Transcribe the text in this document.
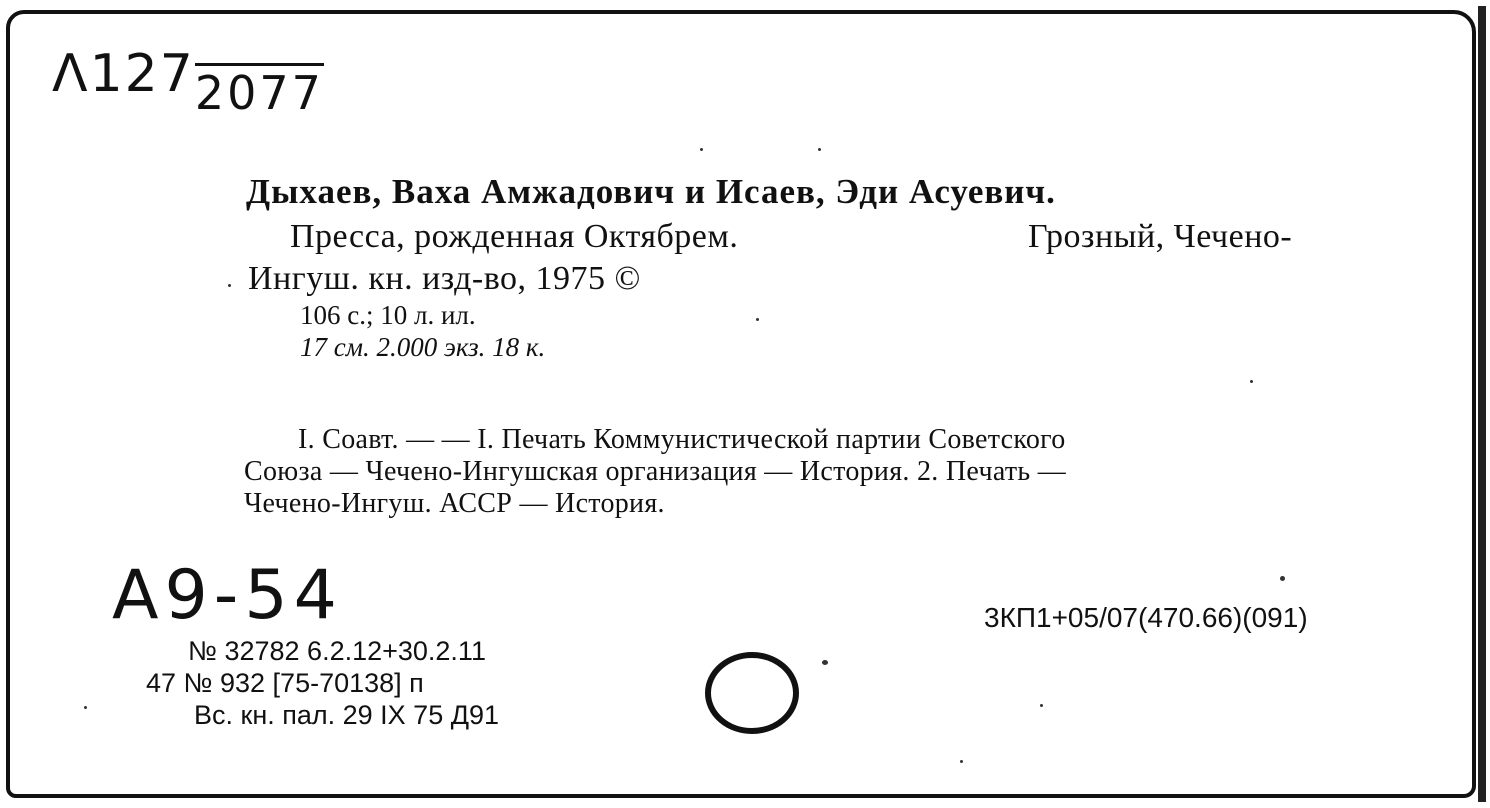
Λ1272077
Дыхаев, Ваха Амжадович и Исаев, Эди Асуевич.
Пресса, рожденная Октябрем.	Грозный, Чечено-
Ингуш. кн. изд-во, 1975 ©
106 с.; 10 л. ил.
17 см. 2.000 экз. 18 к.
I. Соавт. — — I. Печать Коммунистической партии Советского
Союза — Чечено-Ингушская организация — История. 2. Печать —
Чечено-Ингуш. АССР — История.
А9-54	3КП1+05/07(470.66)(091)
№ 32782 6.2.12+30.2.11
47 № 932 [75-70138] п
Вс. кн. пал. 29 IX 75 Д91
